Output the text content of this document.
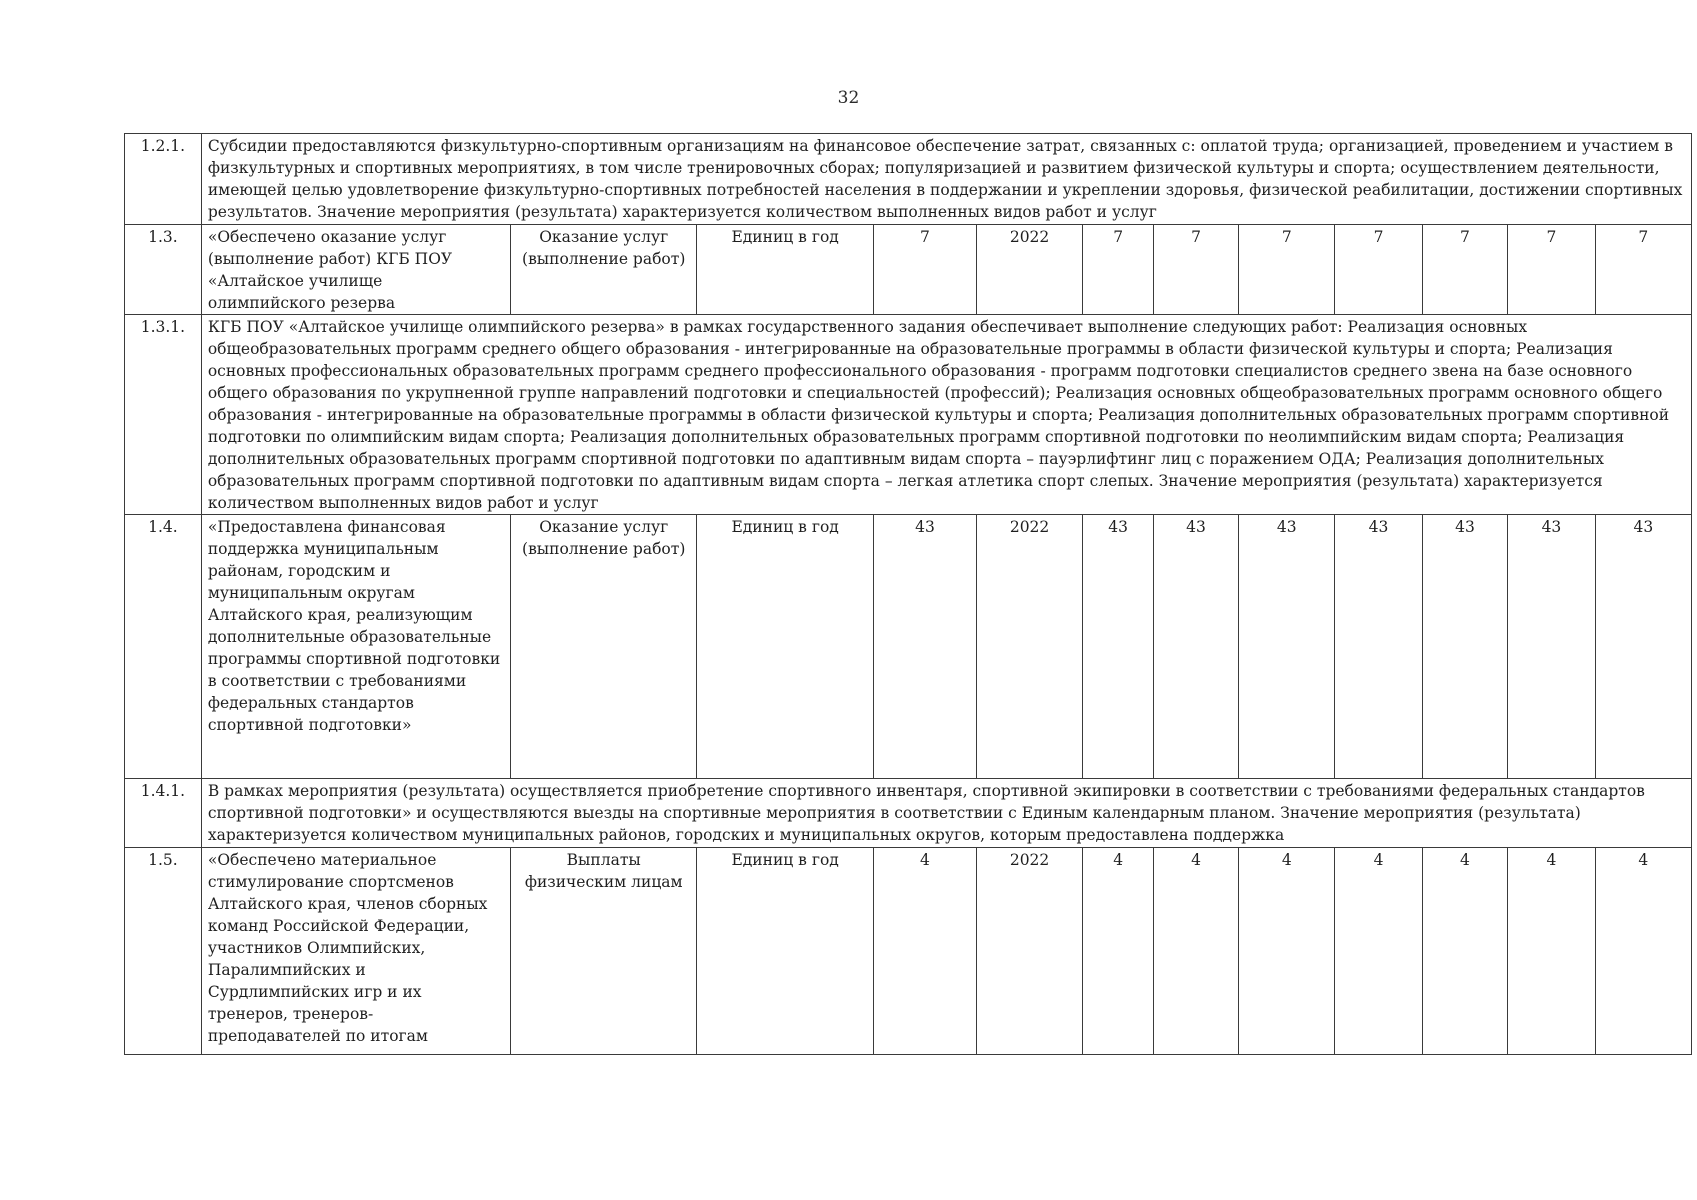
32
1.2.1.	Субсидии предоставляются физкультурно-спортивным организациям на финансовое обеспечение затрат, связанных с: оплатой труда; организацией, проведением и участием в физкультурных и спортивных мероприятиях, в том числе тренировочных сборах; популяризацией и развитием физической культуры и спорта; осуществлением деятельности, имеющей целью удовлетворение физкультурно-спортивных потребностей населения в поддержании и укреплении здоровья, физической реабилитации, достижении спортивных результатов. Значение мероприятия (результата) характеризуется количеством выполненных видов работ и услуг											
1.3.	«Обеспечено оказание услуг (выполнение работ) КГБ ПОУ «Алтайское училище олимпийского резерва	Оказание услуг (выполнение работ)	Единиц в год	7	2022	7	7	7	7	7	7	7
1.3.1.	КГБ ПОУ «Алтайское училище олимпийского резерва» в рамках государственного задания обеспечивает выполнение следующих работ: Реализация основных общеобразовательных программ среднего общего образования - интегрированные на образовательные программы в области физической культуры и спорта; Реализация основных профессиональных образовательных программ среднего профессионального образования - программ подготовки специалистов среднего звена на базе основного общего образования по укрупненной группе направлений подготовки и специальностей (профессий); Реализация основных общеобразовательных программ основного общего образования - интегрированные на образовательные программы в области физической культуры и спорта; Реализация дополнительных образовательных программ спортивной подготовки по олимпийским видам спорта; Реализация дополнительных образовательных программ спортивной подготовки по неолимпийским видам спорта; Реализация дополнительных образовательных программ спортивной подготовки по адаптивным видам спорта – пауэрлифтинг лиц с поражением ОДА; Реализация дополнительных образовательных программ спортивной подготовки по адаптивным видам спорта – легкая атлетика спорт слепых. Значение мероприятия (результата) характеризуется количеством выполненных видов работ и услуг											
1.4.	«Предоставлена финансовая поддержка муниципальным районам, городским и муниципальным округам Алтайского края, реализующим дополнительные образовательные программы спортивной подготовки в соответствии с требованиями федеральных стандартов спортивной подготовки»	Оказание услуг (выполнение работ)	Единиц в год	43	2022	43	43	43	43	43	43	43
1.4.1.	В рамках мероприятия (результата) осуществляется приобретение спортивного инвентаря, спортивной экипировки в соответствии с требованиями федеральных стандартов спортивной подготовки» и осуществляются выезды на спортивные мероприятия в соответствии с Единым календарным планом. Значение мероприятия (результата) характеризуется количеством муниципальных районов, городских и муниципальных округов, которым предоставлена поддержка											
1.5.	«Обеспечено материальное стимулирование спортсменов Алтайского края, членов сборных команд Российской Федерации, участников Олимпийских, Паралимпийских и Сурдлимпийских игр и их тренеров, тренеров-преподавателей по итогам	Выплаты физическим лицам	Единиц в год	4	2022	4	4	4	4	4	4	4
